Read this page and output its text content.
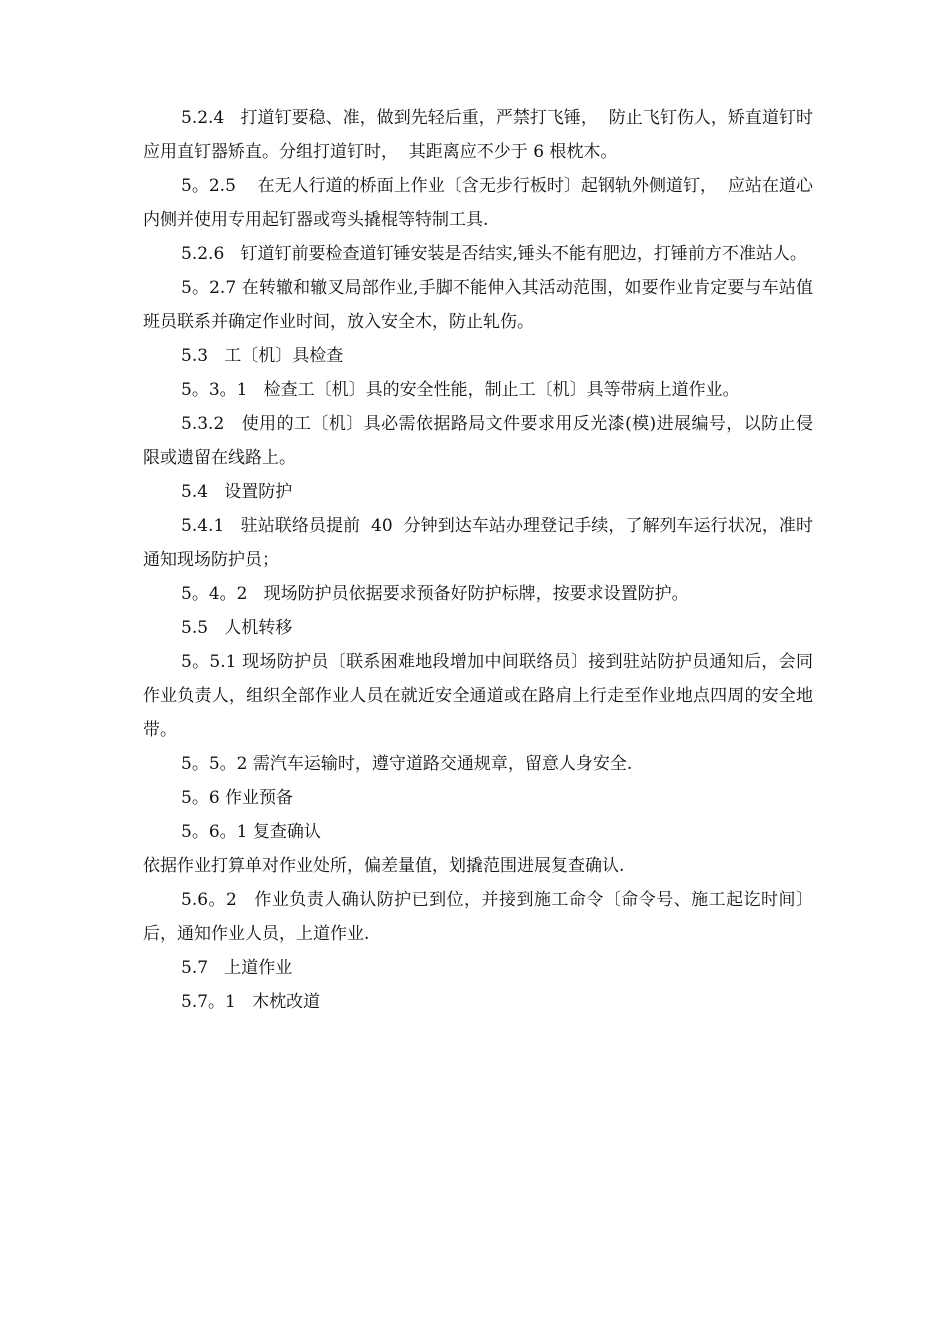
5.2.4   打道钉要稳、准，做到先轻后重，严禁打飞锤，  防止飞钉伤人，矫直道钉时应用直钉器矫直。分组打道钉时，  其距离应不少于 6 根枕木。

5。2.5    在无人行道的桥面上作业〔含无步行板时〕起钢轨外侧道钉，  应站在道心内侧并使用专用起钉器或弯头撬棍等特制工具.

5.2.6   钉道钉前要检查道钉锤安装是否结实,锤头不能有肥边，打锤前方不准站人。

5。2.7 在转辙和辙叉局部作业,手脚不能伸入其活动范围，如要作业肯定要与车站值班员联系并确定作业时间，放入安全木，防止轧伤。

5.3   工〔机〕具检查

5。3。1   检查工〔机〕具的安全性能，制止工〔机〕具等带病上道作业。

5.3.2   使用的工〔机〕具必需依据路局文件要求用反光漆(模)进展编号，以防止侵限或遗留在线路上。

5.4   设置防护

5.4.1   驻站联络员提前  40  分钟到达车站办理登记手续，了解列车运行状况，准时通知现场防护员；

5。4。2   现场防护员依据要求预备好防护标牌，按要求设置防护。

5.5   人机转移

5。5.1 现场防护员〔联系困难地段增加中间联络员〕接到驻站防护员通知后，会同作业负责人，组织全部作业人员在就近安全通道或在路肩上行走至作业地点四周的安全地带。

5。5。2 需汽车运输时，遵守道路交通规章，留意人身安全.

5。6 作业预备

5。6。1 复查确认

依据作业打算单对作业处所，偏差量值，划撬范围进展复查确认.

5.6。2   作业负责人确认防护已到位，并接到施工命令〔命令号、施工起讫时间〕后，通知作业人员，上道作业.

5.7   上道作业

5.7。1   木枕改道
